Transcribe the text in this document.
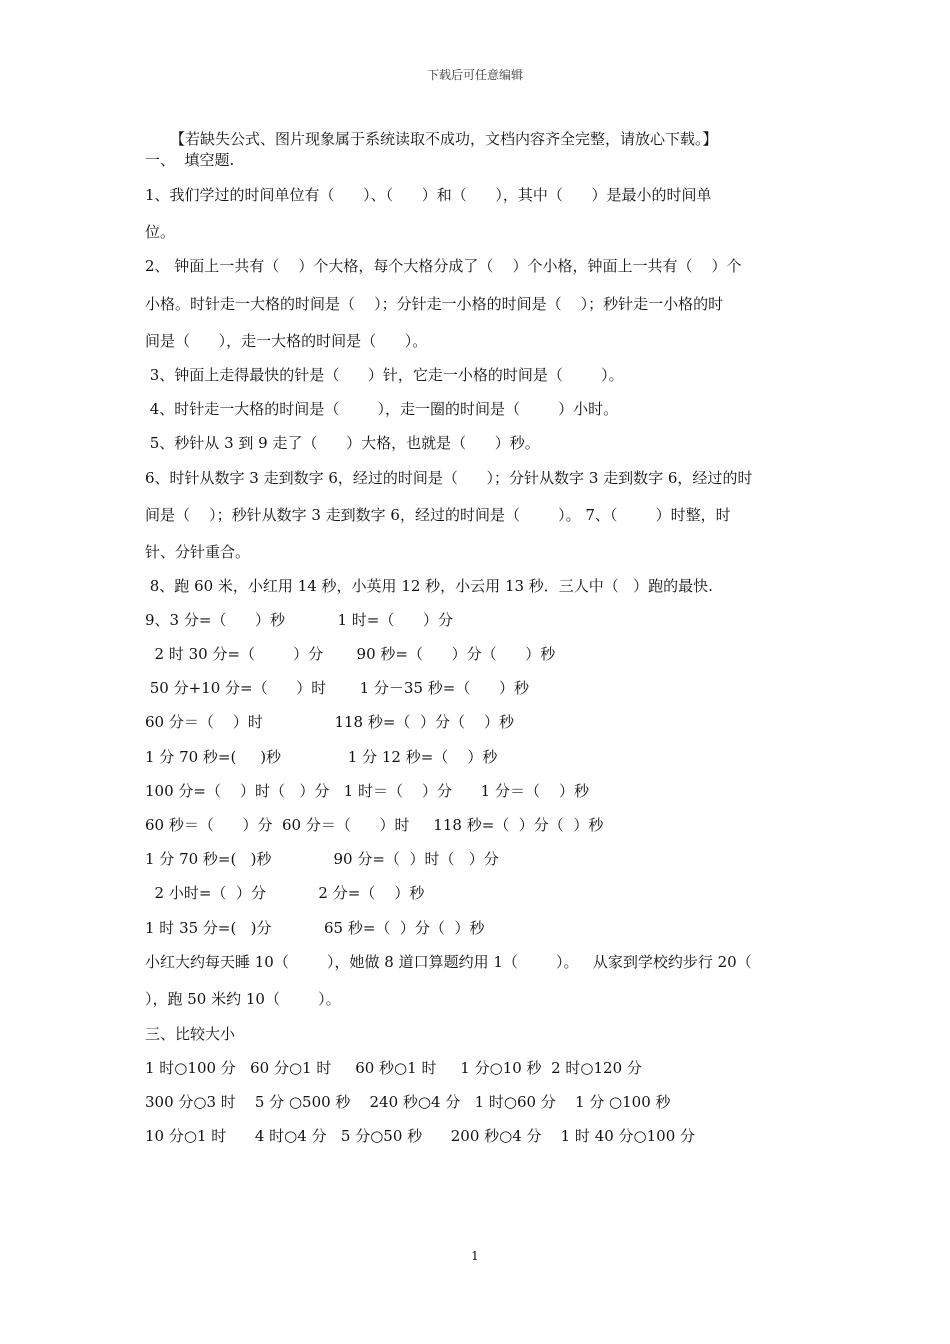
下载后可任意编辑
【若缺失公式、图片现象属于系统读取不成功，文档内容齐全完整，请放心下载。】
一、  填空题.
1、我们学过的时间单位有（      ）、（      ）和（      ），其中（      ）是最小的时间单
位。
2、 钟面上一共有（    ）个大格，每个大格分成了（    ）个小格，钟面上一共有（    ）个
小格。时针走一大格的时间是（    ）；分针走一小格的时间是（    ）；秒针走一小格的时
间是（      ），走一大格的时间是（      ）。
3、钟面上走得最快的针是（      ）针，它走一小格的时间是（        ）。
4、时针走一大格的时间是（        ），走一圈的时间是（        ）小时。
5、秒针从 3 到 9 走了（      ）大格，也就是（      ）秒。
6、时针从数字 3 走到数字 6，经过的时间是（      ）；分针从数字 3 走到数字 6，经过的时
间是（    ）；秒针从数字 3 走到数字 6，经过的时间是（        ）。 7、（        ）时整，时
针、分针重合。
8、跑 60 米，小红用 14 秒，小英用 12 秒，小云用 13 秒．三人中（   ）跑的最快.
9、3 分=（      ）秒           1 时=（      ）分
2 时 30 分=（        ）分       90 秒=（      ）分（      ）秒
50 分+10 分=（      ）时       1 分－35 秒=（      ）秒
60 分＝（    ）时               118 秒=（  ）分（    ）秒
1 分 70 秒=(     )秒              1 分 12 秒=（    ）秒
100 分=（    ）时（   ）分   1 时＝（    ）分      1 分＝（    ）秒
60 秒＝（      ）分  60 分＝（      ）时     118 秒=（  ）分（  ）秒
1 分 70 秒=(   )秒             90 分=（  ）时（   ）分
2 小时=（  ）分           2 分=（    ）秒
1 时 35 分=(   )分           65 秒=（  ）分（  ）秒
小红大约每天睡 10（        ），她做 8 道口算题约用 1（        ）。   从家到学校约步行 20（
），跑 50 米约 10（        ）。
三、比较大小
1 时○100 分   60 分○1 时     60 秒○1 时     1 分○10 秒  2 时○120 分
300 分○3 时    5 分 ○500 秒    240 秒○4 分   1 时○60 分    1 分 ○100 秒
10 分○1 时      4 时○4 分   5 分○50 秒      200 秒○4 分    1 时 40 分○100 分
1
